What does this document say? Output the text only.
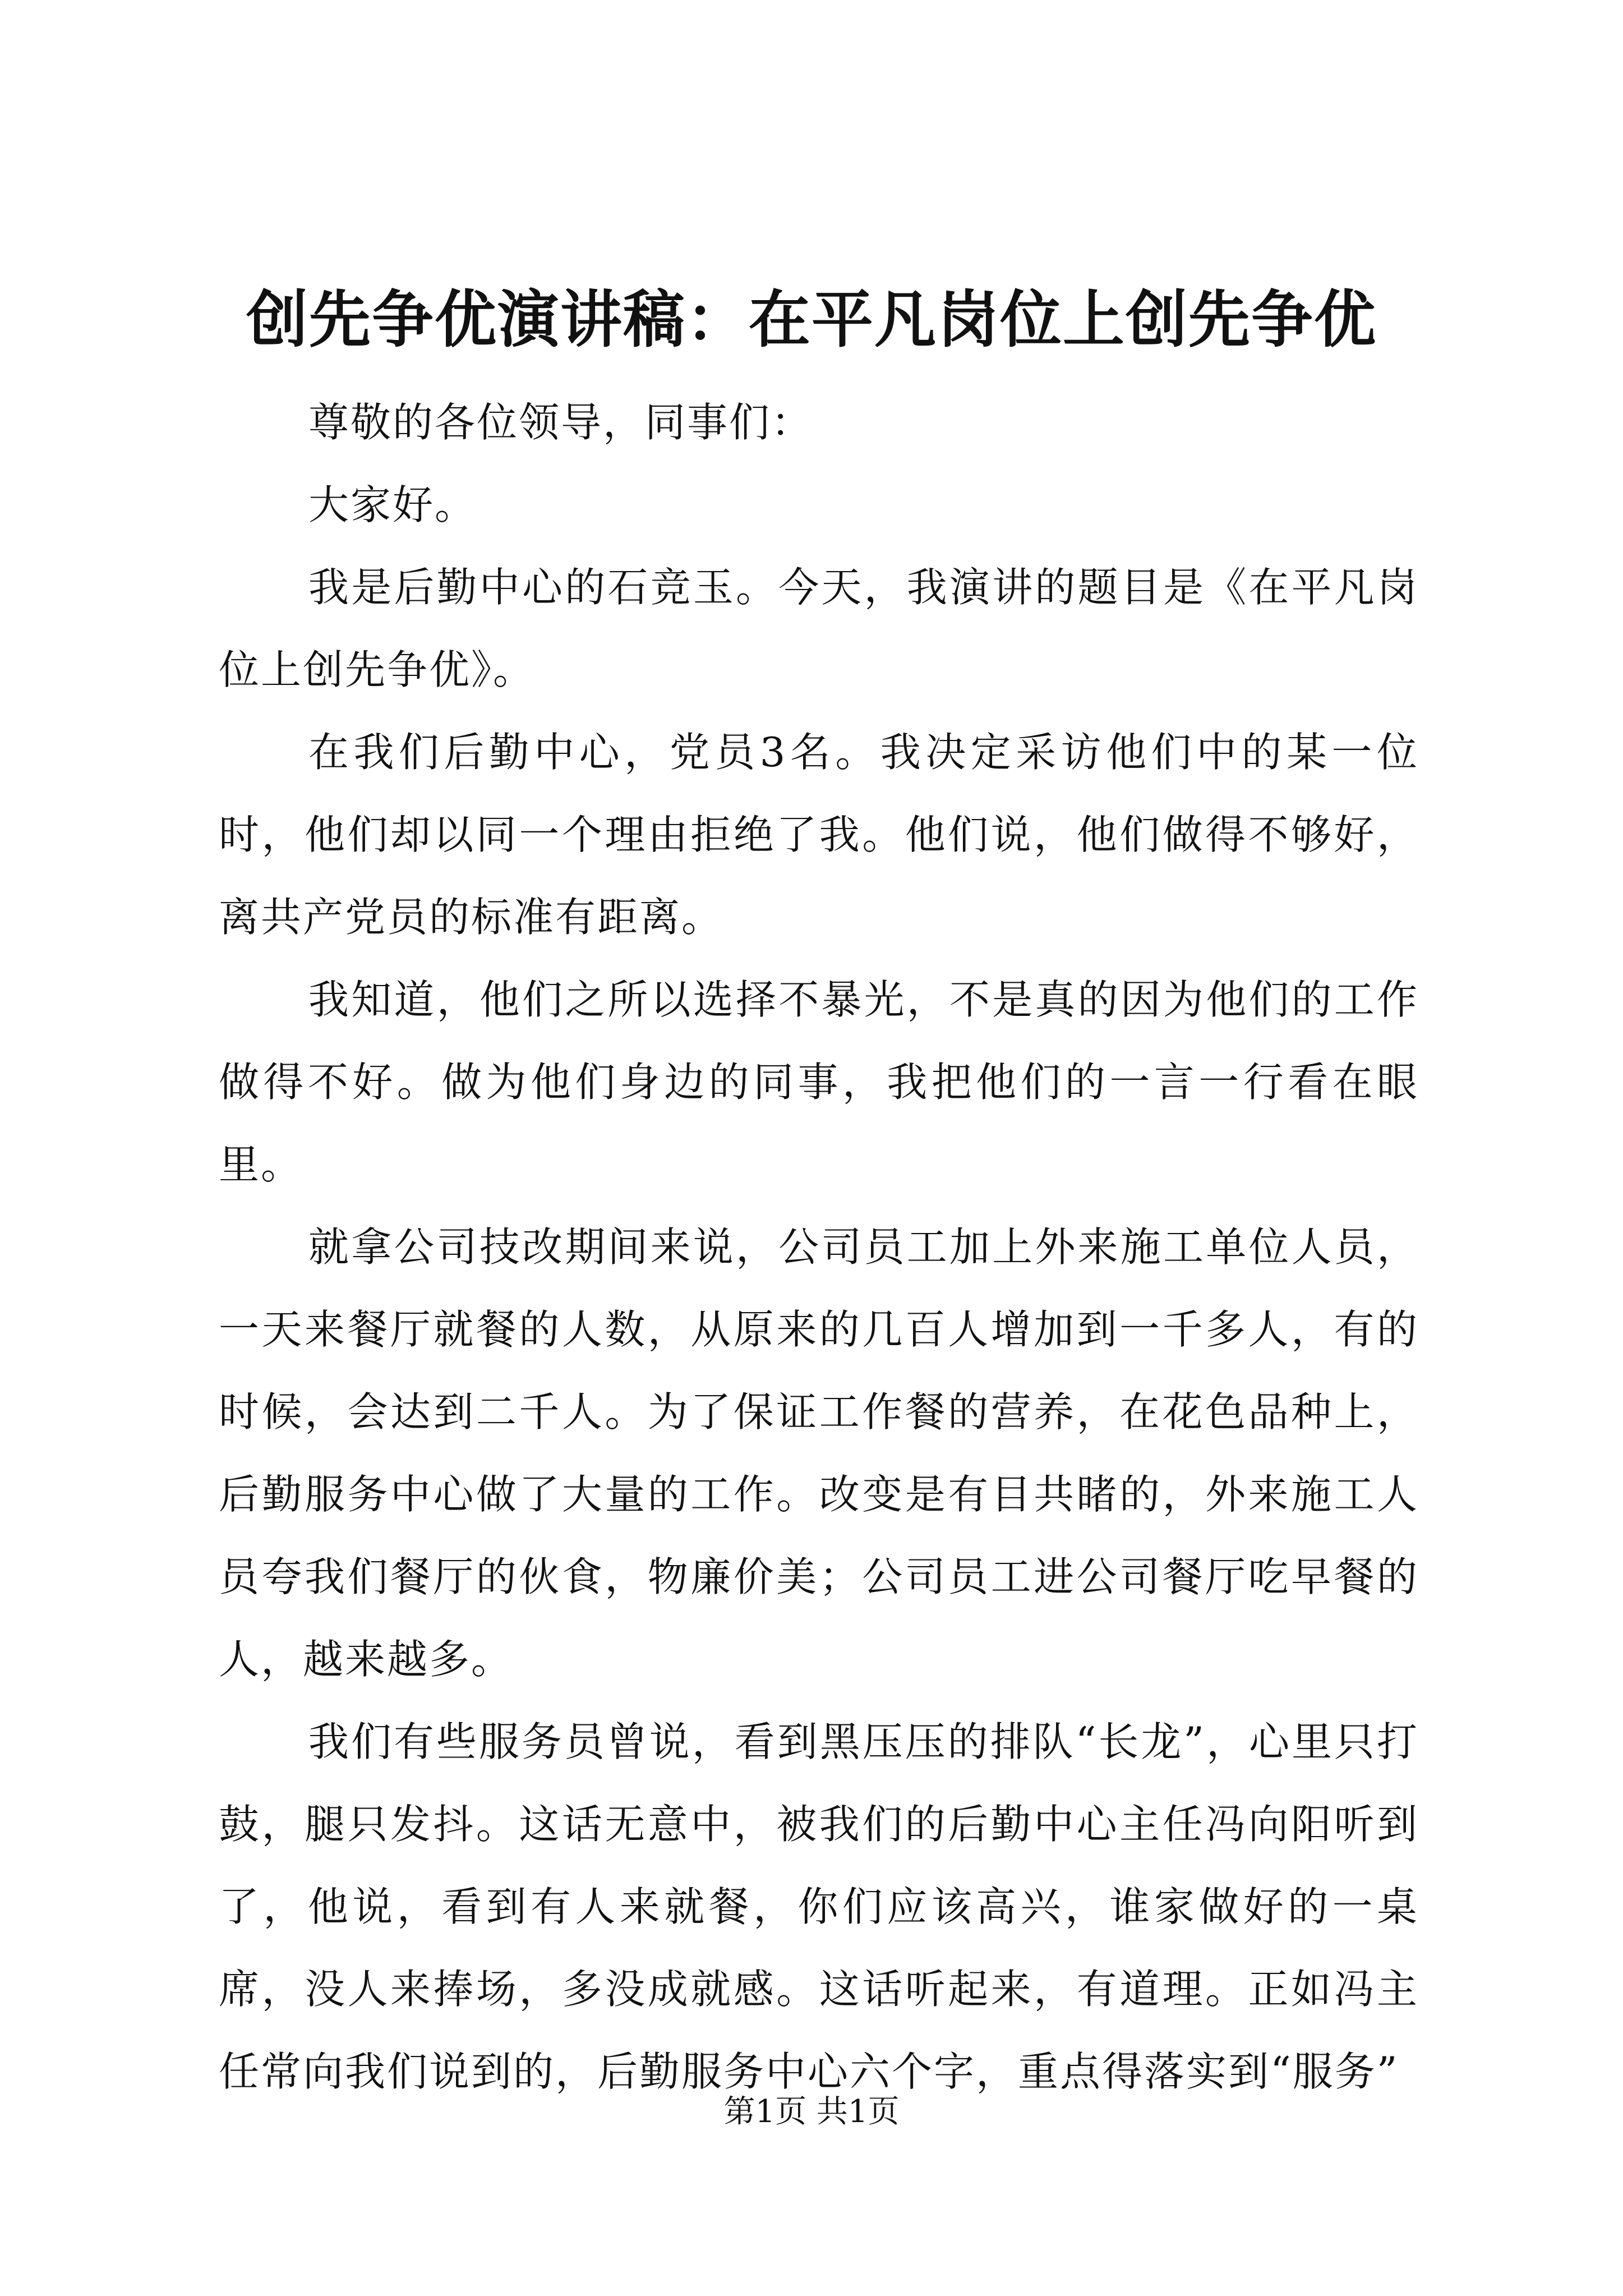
创先争优演讲稿：在平凡岗位上创先争优

尊敬的各位领导，同事们：

大家好。

我是后勤中心的石竞玉。今天，我演讲的题目是《在平凡岗位上创先争优》。

在我们后勤中心，党员3名。我决定采访他们中的某一位时，他们却以同一个理由拒绝了我。他们说，他们做得不够好，离共产党员的标准有距离。

我知道，他们之所以选择不暴光，不是真的因为他们的工作做得不好。做为他们身边的同事，我把他们的一言一行看在眼里。

就拿公司技改期间来说，公司员工加上外来施工单位人员，一天来餐厅就餐的人数，从原来的几百人增加到一千多人，有的时候，会达到二千人。为了保证工作餐的营养，在花色品种上，后勤服务中心做了大量的工作。改变是有目共睹的，外来施工人员夸我们餐厅的伙食，物廉价美；公司员工进公司餐厅吃早餐的人，越来越多。

我们有些服务员曾说，看到黑压压的排队“长龙”，心里只打鼓，腿只发抖。这话无意中，被我们的后勤中心主任冯向阳听到了，他说，看到有人来就餐，你们应该高兴，谁家做好的一桌席，没人来捧场，多没成就感。这话听起来，有道理。正如冯主任常向我们说到的，后勤服务中心六个字，重点得落实到“服务”

第1页 共1页
